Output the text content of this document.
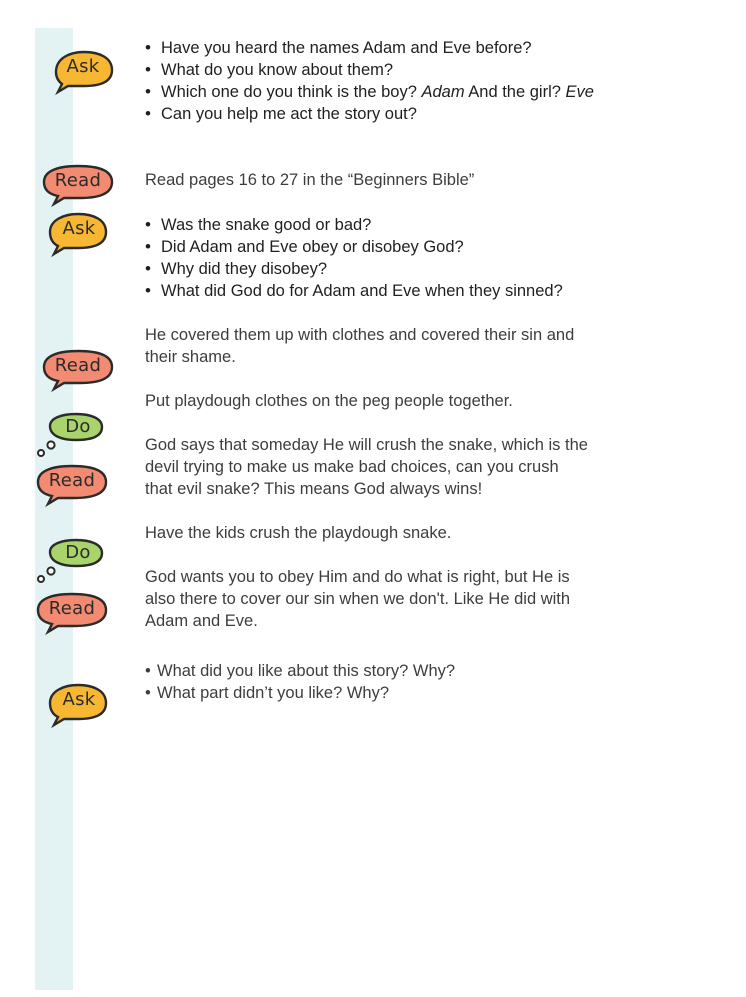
Ask
Read
Ask
Read
Do
Read
Do
Read
Ask
• Have you heard the names Adam and Eve before?
• What do you know about them?
• Which one do you think is the boy? Adam And the girl? Eve
• Can you help me act the story out?

Read pages 16 to 27 in the “Beginners Bible”

• Was the snake good or bad?
• Did Adam and Eve obey or disobey God?
• Why did they disobey?
• What did God do for Adam and Eve when they sinned?

He covered them up with clothes and covered their sin and their shame.

Put playdough clothes on the peg people together.

God says that someday He will crush the snake, which is the devil trying to make us make bad choices, can you crush that evil snake? This means God always wins!

Have the kids crush the playdough snake.

God wants you to obey Him and do what is right, but He is also there to cover our sin when we don't. Like He did with Adam and Eve.

• What did you like about this story? Why?
• What part didn’t you like? Why?
